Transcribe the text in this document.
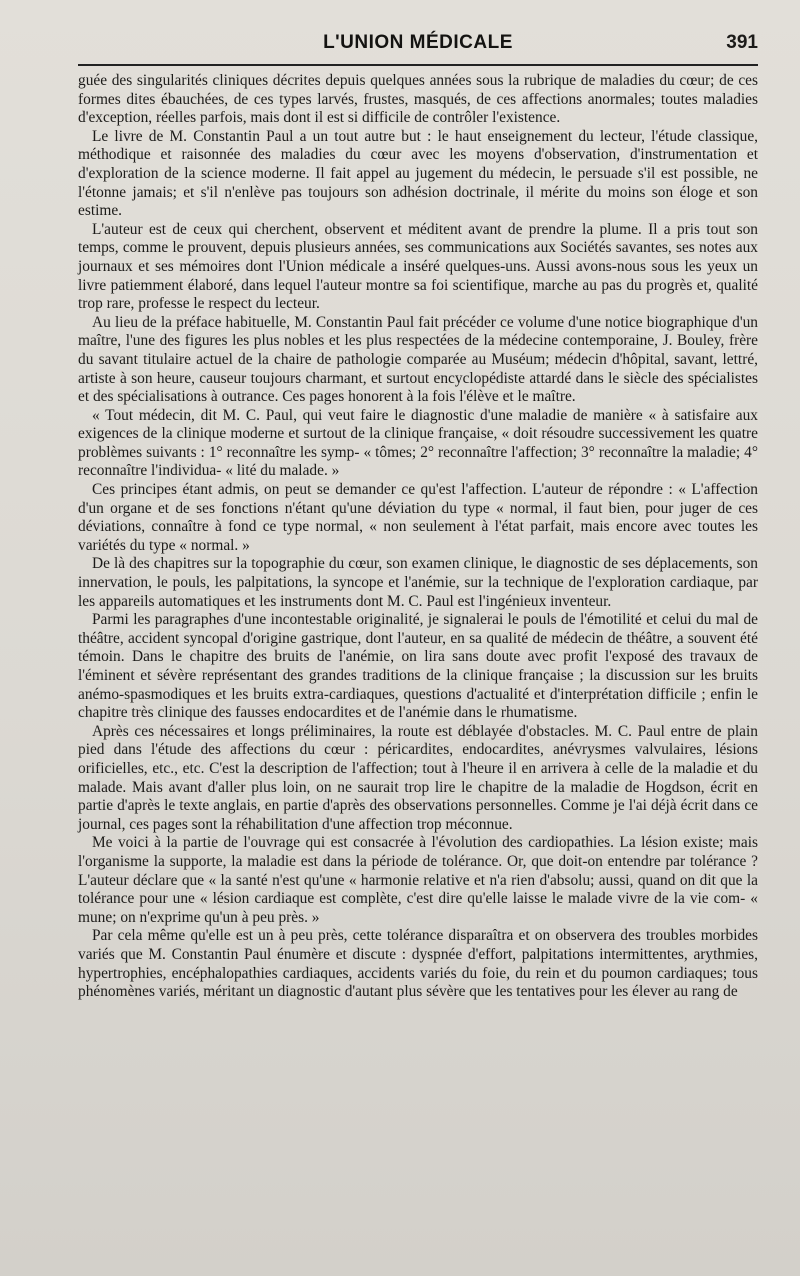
L'UNION MÉDICALE	391

guée des singularités cliniques décrites depuis quelques années sous la rubrique de maladies du cœur; de ces formes dites ébauchées, de ces types larvés, frustes, masqués, de ces affections anormales; toutes maladies d'exception, réelles parfois, mais dont il est si difficile de contrôler l'existence.

Le livre de M. Constantin Paul a un tout autre but : le haut enseignement du lecteur, l'étude classique, méthodique et raisonnée des maladies du cœur avec les moyens d'observation, d'instrumentation et d'exploration de la science moderne. Il fait appel au jugement du médecin, le persuade s'il est possible, ne l'étonne jamais; et s'il n'enlève pas toujours son adhésion doctrinale, il mérite du moins son éloge et son estime.

L'auteur est de ceux qui cherchent, observent et méditent avant de prendre la plume. Il a pris tout son temps, comme le prouvent, depuis plusieurs années, ses communications aux Sociétés savantes, ses notes aux journaux et ses mémoires dont l'Union médicale a inséré quelques-uns. Aussi avons-nous sous les yeux un livre patiemment élaboré, dans lequel l'auteur montre sa foi scientifique, marche au pas du progrès et, qualité trop rare, professe le respect du lecteur.

Au lieu de la préface habituelle, M. Constantin Paul fait précéder ce volume d'une notice biographique d'un maître, l'une des figures les plus nobles et les plus respectées de la médecine contemporaine, J. Bouley, frère du savant titulaire actuel de la chaire de pathologie comparée au Muséum; médecin d'hôpital, savant, lettré, artiste à son heure, causeur toujours charmant, et surtout encyclopédiste attardé dans le siècle des spécialistes et des spécialisations à outrance. Ces pages honorent à la fois l'élève et le maître.

« Tout médecin, dit M. C. Paul, qui veut faire le diagnostic d'une maladie de manière « à satisfaire aux exigences de la clinique moderne et surtout de la clinique française, « doit résoudre successivement les quatre problèmes suivants : 1° reconnaître les symp- « tômes; 2° reconnaître l'affection; 3° reconnaître la maladie; 4° reconnaître l'individua- « lité du malade. »

Ces principes étant admis, on peut se demander ce qu'est l'affection. L'auteur de répondre : « L'affection d'un organe et de ses fonctions n'étant qu'une déviation du type « normal, il faut bien, pour juger de ces déviations, connaître à fond ce type normal, « non seulement à l'état parfait, mais encore avec toutes les variétés du type « normal. »

De là des chapitres sur la topographie du cœur, son examen clinique, le diagnostic de ses déplacements, son innervation, le pouls, les palpitations, la syncope et l'anémie, sur la technique de l'exploration cardiaque, par les appareils automatiques et les instruments dont M. C. Paul est l'ingénieux inventeur.

Parmi les paragraphes d'une incontestable originalité, je signalerai le pouls de l'émotilité et celui du mal de théâtre, accident syncopal d'origine gastrique, dont l'auteur, en sa qualité de médecin de théâtre, a souvent été témoin. Dans le chapitre des bruits de l'anémie, on lira sans doute avec profit l'exposé des travaux de l'éminent et sévère représentant des grandes traditions de la clinique française ; la discussion sur les bruits anémo-spasmodiques et les bruits extra-cardiaques, questions d'actualité et d'interprétation difficile ; enfin le chapitre très clinique des fausses endocardites et de l'anémie dans le rhumatisme.

Après ces nécessaires et longs préliminaires, la route est déblayée d'obstacles. M. C. Paul entre de plain pied dans l'étude des affections du cœur : péricardites, endocardites, anévrysmes valvulaires, lésions orificielles, etc., etc. C'est la description de l'affection; tout à l'heure il en arrivera à celle de la maladie et du malade. Mais avant d'aller plus loin, on ne saurait trop lire le chapitre de la maladie de Hogdson, écrit en partie d'après le texte anglais, en partie d'après des observations personnelles. Comme je l'ai déjà écrit dans ce journal, ces pages sont la réhabilitation d'une affection trop méconnue.

Me voici à la partie de l'ouvrage qui est consacrée à l'évolution des cardiopathies. La lésion existe; mais l'organisme la supporte, la maladie est dans la période de tolérance. Or, que doit-on entendre par tolérance ? L'auteur déclare que « la santé n'est qu'une « harmonie relative et n'a rien d'absolu; aussi, quand on dit que la tolérance pour une « lésion cardiaque est complète, c'est dire qu'elle laisse le malade vivre de la vie com- « mune; on n'exprime qu'un à peu près. »

Par cela même qu'elle est un à peu près, cette tolérance disparaîtra et on observera des troubles morbides variés que M. Constantin Paul énumère et discute : dyspnée d'effort, palpitations intermittentes, arythmies, hypertrophies, encéphalopathies cardiaques, accidents variés du foie, du rein et du poumon cardiaques; tous phénomènes variés, méritant un diagnostic d'autant plus sévère que les tentatives pour les élever au rang de
